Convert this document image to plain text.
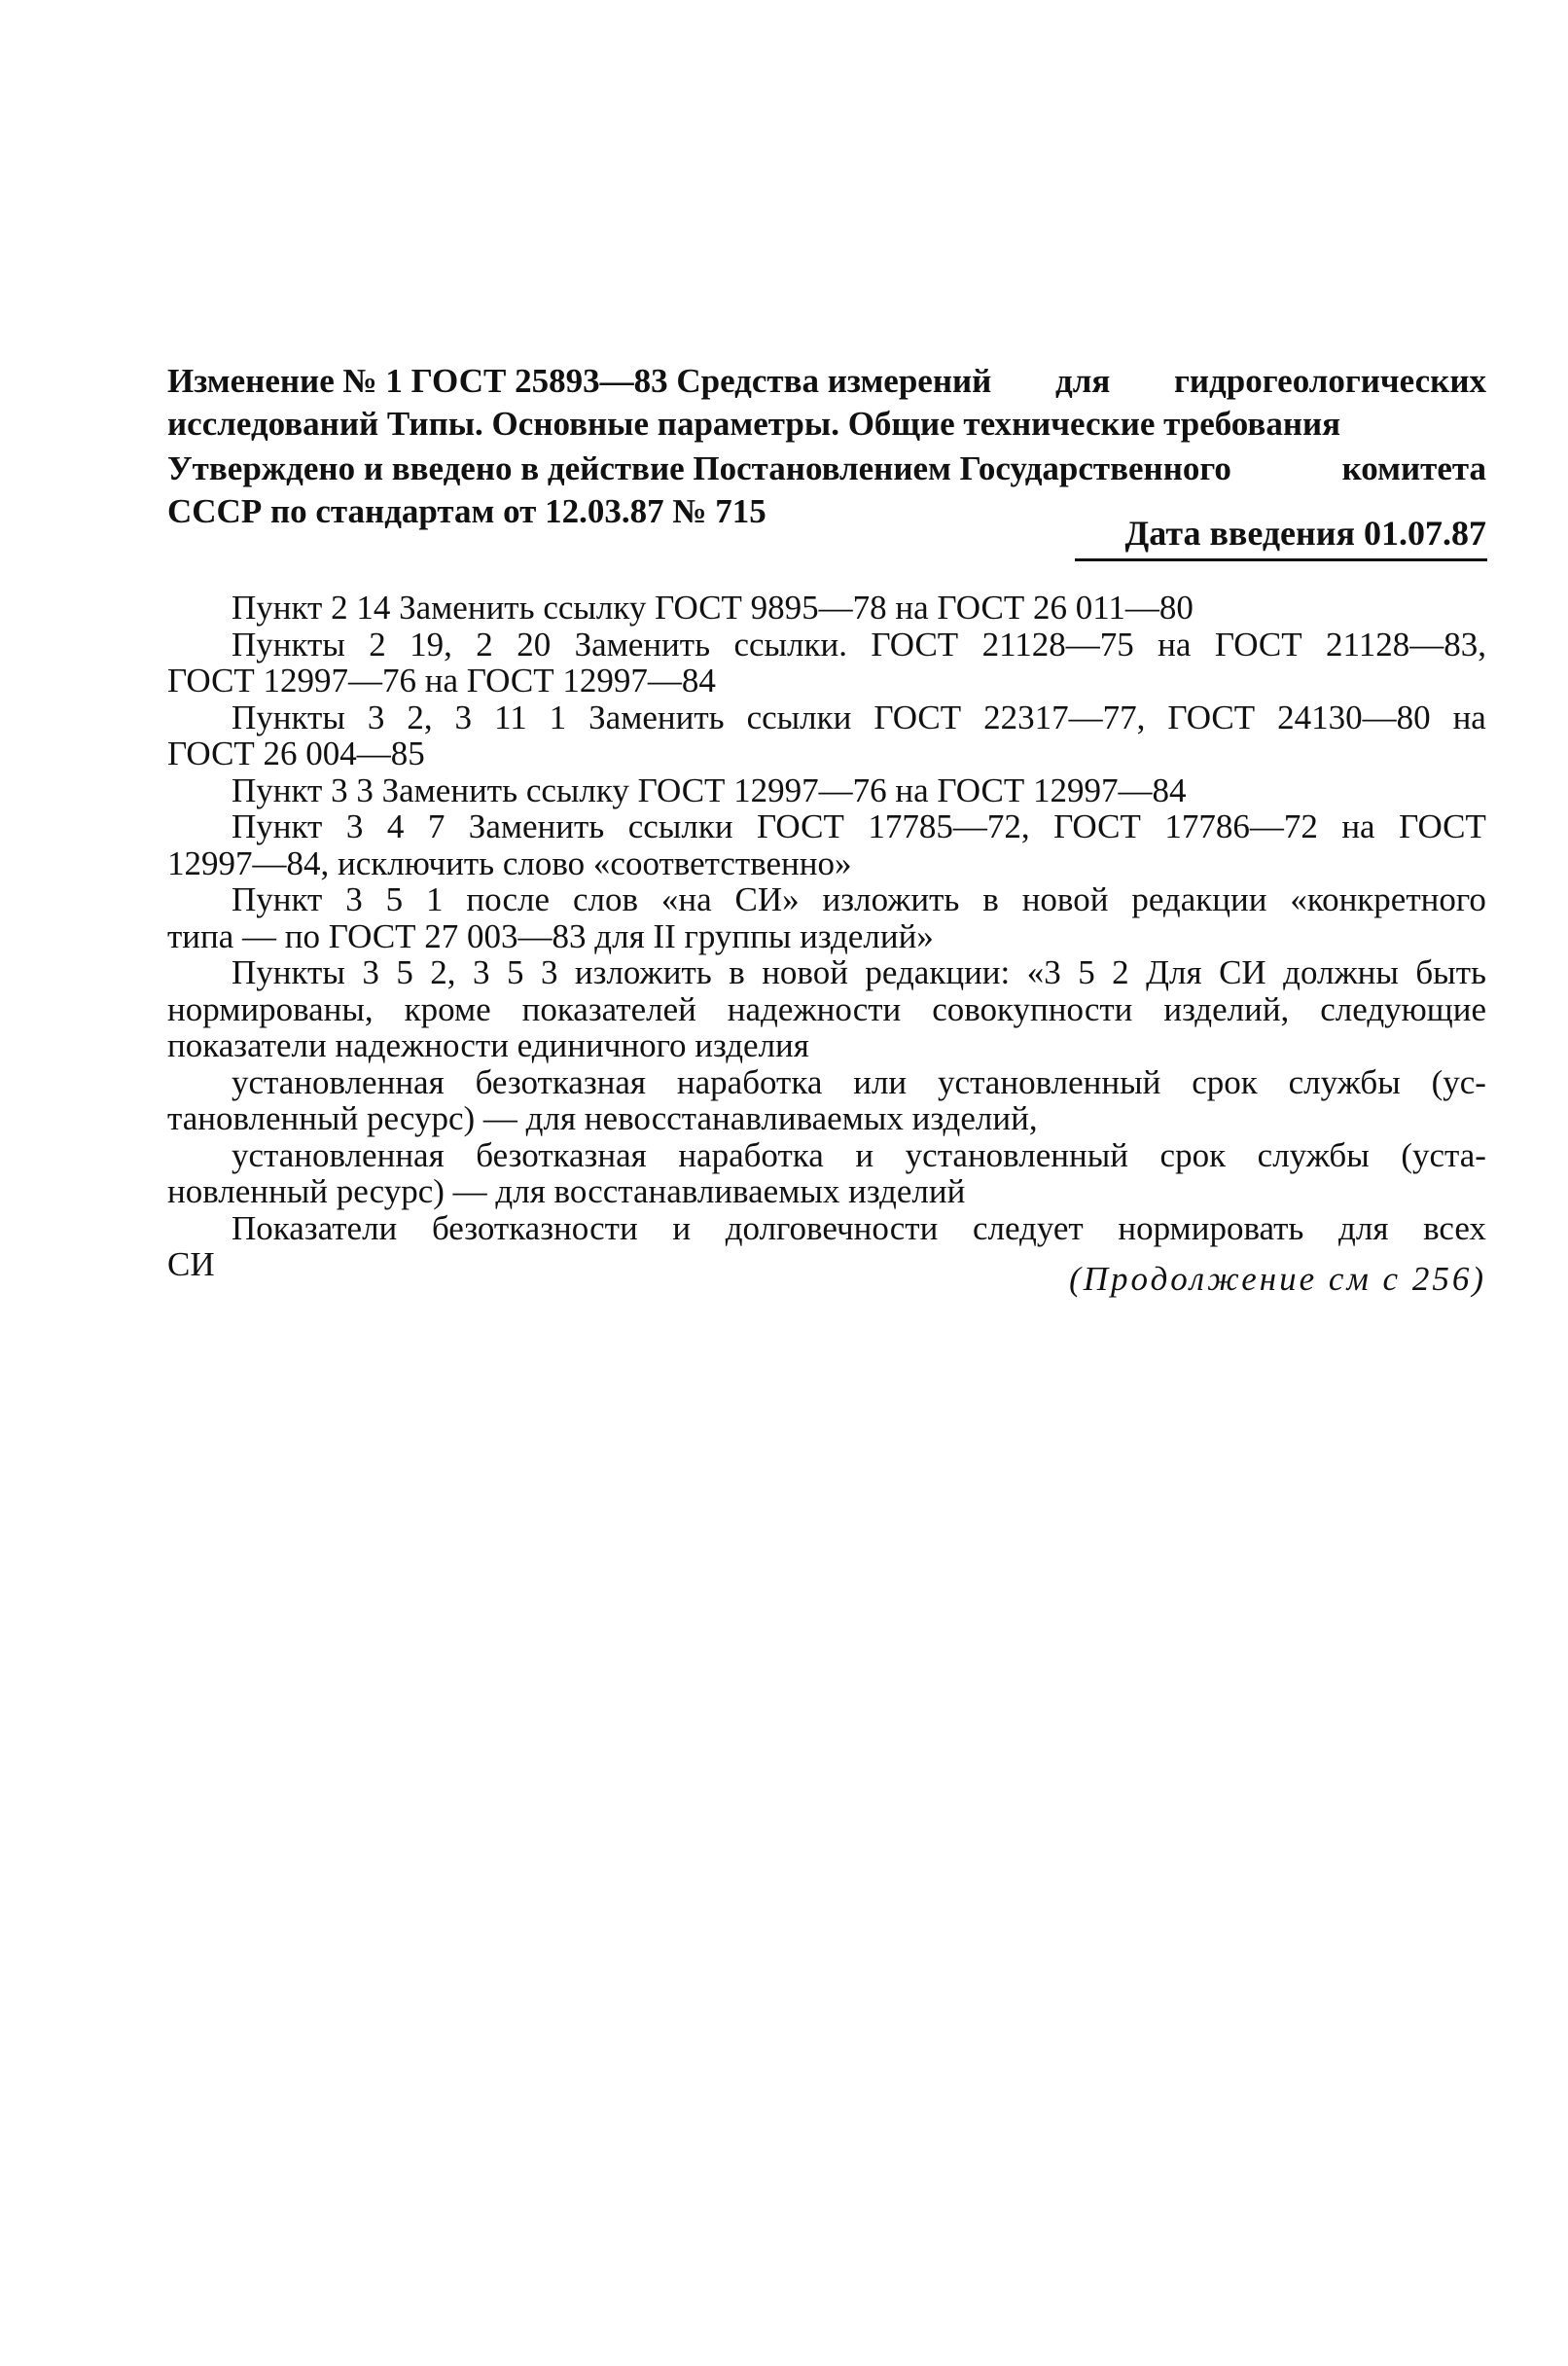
Изменение № 1 ГОСТ 25893—83 Средства измерений для гидрогеологических
исследований Типы. Основные параметры. Общие технические требования
Утверждено и введено в действие Постановлением Государственного	комитета
СССР по стандартам от 12.03.87 № 715
Дата введения 01.07.87
Пункт 2 14 Заменить ссылку ГОСТ 9895—78 на ГОСТ 26 011—80
Пункты 2 19, 2 20 Заменить ссылки. ГОСТ 21128—75 на ГОСТ 21128—83,
ГОСТ 12997—76 на ГОСТ 12997—84
Пункты 3 2, 3 11 1 Заменить ссылки ГОСТ 22317—77, ГОСТ 24130—80 на
ГОСТ 26 004—85
Пункт 3 3 Заменить ссылку ГОСТ 12997—76 на ГОСТ 12997—84
Пункт 3 4 7 Заменить ссылки ГОСТ 17785—72, ГОСТ 17786—72 на ГОСТ
12997—84, исключить слово «соответственно»
Пункт 3 5 1 после слов «на СИ» изложить в новой редакции «конкретного
типа — по ГОСТ 27 003—83 для II группы изделий»
Пункты 3 5 2, 3 5 3 изложить в новой редакции: «3 5 2 Для СИ должны быть
нормированы, кроме показателей надежности совокупности изделий, следующие
показатели надежности единичного изделия
установленная безотказная наработка или установленный срок службы (ус-
тановленный ресурс) — для невосстанавливаемых изделий,
установленная безотказная наработка и установленный срок службы (уста-
новленный ресурс) — для восстанавливаемых изделий
Показатели безотказности и долговечности следует нормировать для всех
СИ	(Продолжение см с 256)
